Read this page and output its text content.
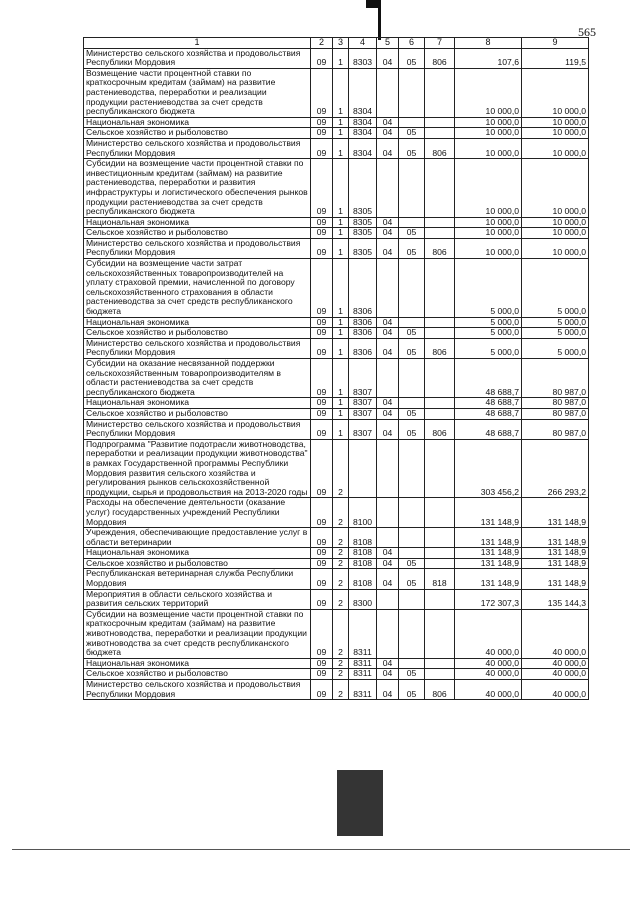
565
1	2	3	4	5	6	7	8	9
Министерство сельского хозяйства и продовольствия Республики Мордовия	09	1	8303	04	05	806	107,6	119,5
Возмещение части процентной ставки по краткосрочным кредитам (займам) на развитие растениеводства, переработки и реализации продукции растениеводства за счет средств республиканского бюджета	09	1	8304				10 000,0	10 000,0
Национальная экономика	09	1	8304	04			10 000,0	10 000,0
Сельское хозяйство и рыболовство	09	1	8304	04	05		10 000,0	10 000,0
Министерство сельского хозяйства и продовольствия Республики Мордовия	09	1	8304	04	05	806	10 000,0	10 000,0
Субсидии на возмещение части процентной ставки по инвестиционным кредитам (займам) на развитие растениеводства, переработки и развития инфраструктуры и логистического обеспечения рынков продукции растениеводства за счет средств республиканского бюджета	09	1	8305				10 000,0	10 000,0
Национальная экономика	09	1	8305	04			10 000,0	10 000,0
Сельское хозяйство и рыболовство	09	1	8305	04	05		10 000,0	10 000,0
Министерство сельского хозяйства и продовольствия Республики Мордовия	09	1	8305	04	05	806	10 000,0	10 000,0
Субсидии на возмещение части затрат сельскохозяйственных товаропроизводителей на уплату страховой премии, начисленной по договору сельскохозяйственного страхования в области растениеводства за счет средств республиканского бюджета	09	1	8306				5 000,0	5 000,0
Национальная экономика	09	1	8306	04			5 000,0	5 000,0
Сельское хозяйство и рыболовство	09	1	8306	04	05		5 000,0	5 000,0
Министерство сельского хозяйства и продовольствия Республики Мордовия	09	1	8306	04	05	806	5 000,0	5 000,0
Субсидии на оказание несвязанной поддержки сельскохозяйственным товаропроизводителям в области растениеводства за счет средств республиканского бюджета	09	1	8307				48 688,7	80 987,0
Национальная экономика	09	1	8307	04			48 688,7	80 987,0
Сельское хозяйство и рыболовство	09	1	8307	04	05		48 688,7	80 987,0
Министерство сельского хозяйства и продовольствия Республики Мордовия	09	1	8307	04	05	806	48 688,7	80 987,0
Подпрограмма "Развитие подотрасли животноводства, переработки и реализации продукции животноводства" в рамках Государственной программы Республики Мордовия развития сельского хозяйства и регулирования рынков сельскохозяйственной продукции, сырья и продовольствия на 2013-2020 годы	09	2					303 456,2	266 293,2
Расходы на обеспечение деятельности (оказание услуг) государственных учреждений Республики Мордовия	09	2	8100				131 148,9	131 148,9
Учреждения, обеспечивающие предоставление услуг в области ветеринарии	09	2	8108				131 148,9	131 148,9
Национальная экономика	09	2	8108	04			131 148,9	131 148,9
Сельское хозяйство и рыболовство	09	2	8108	04	05		131 148,9	131 148,9
Республиканская ветеринарная служба Республики Мордовия	09	2	8108	04	05	818	131 148,9	131 148,9
Мероприятия в области сельского хозяйства и развития сельских территорий	09	2	8300				172 307,3	135 144,3
Субсидии на возмещение части процентной ставки по краткосрочным кредитам (займам) на развитие животноводства, переработки и реализации продукции животноводства за счет средств республиканского бюджета	09	2	8311				40 000,0	40 000,0
Национальная экономика	09	2	8311	04			40 000,0	40 000,0
Сельское хозяйство и рыболовство	09	2	8311	04	05		40 000,0	40 000,0
Министерство сельского хозяйства и продовольствия Республики Мордовия	09	2	8311	04	05	806	40 000,0	40 000,0
